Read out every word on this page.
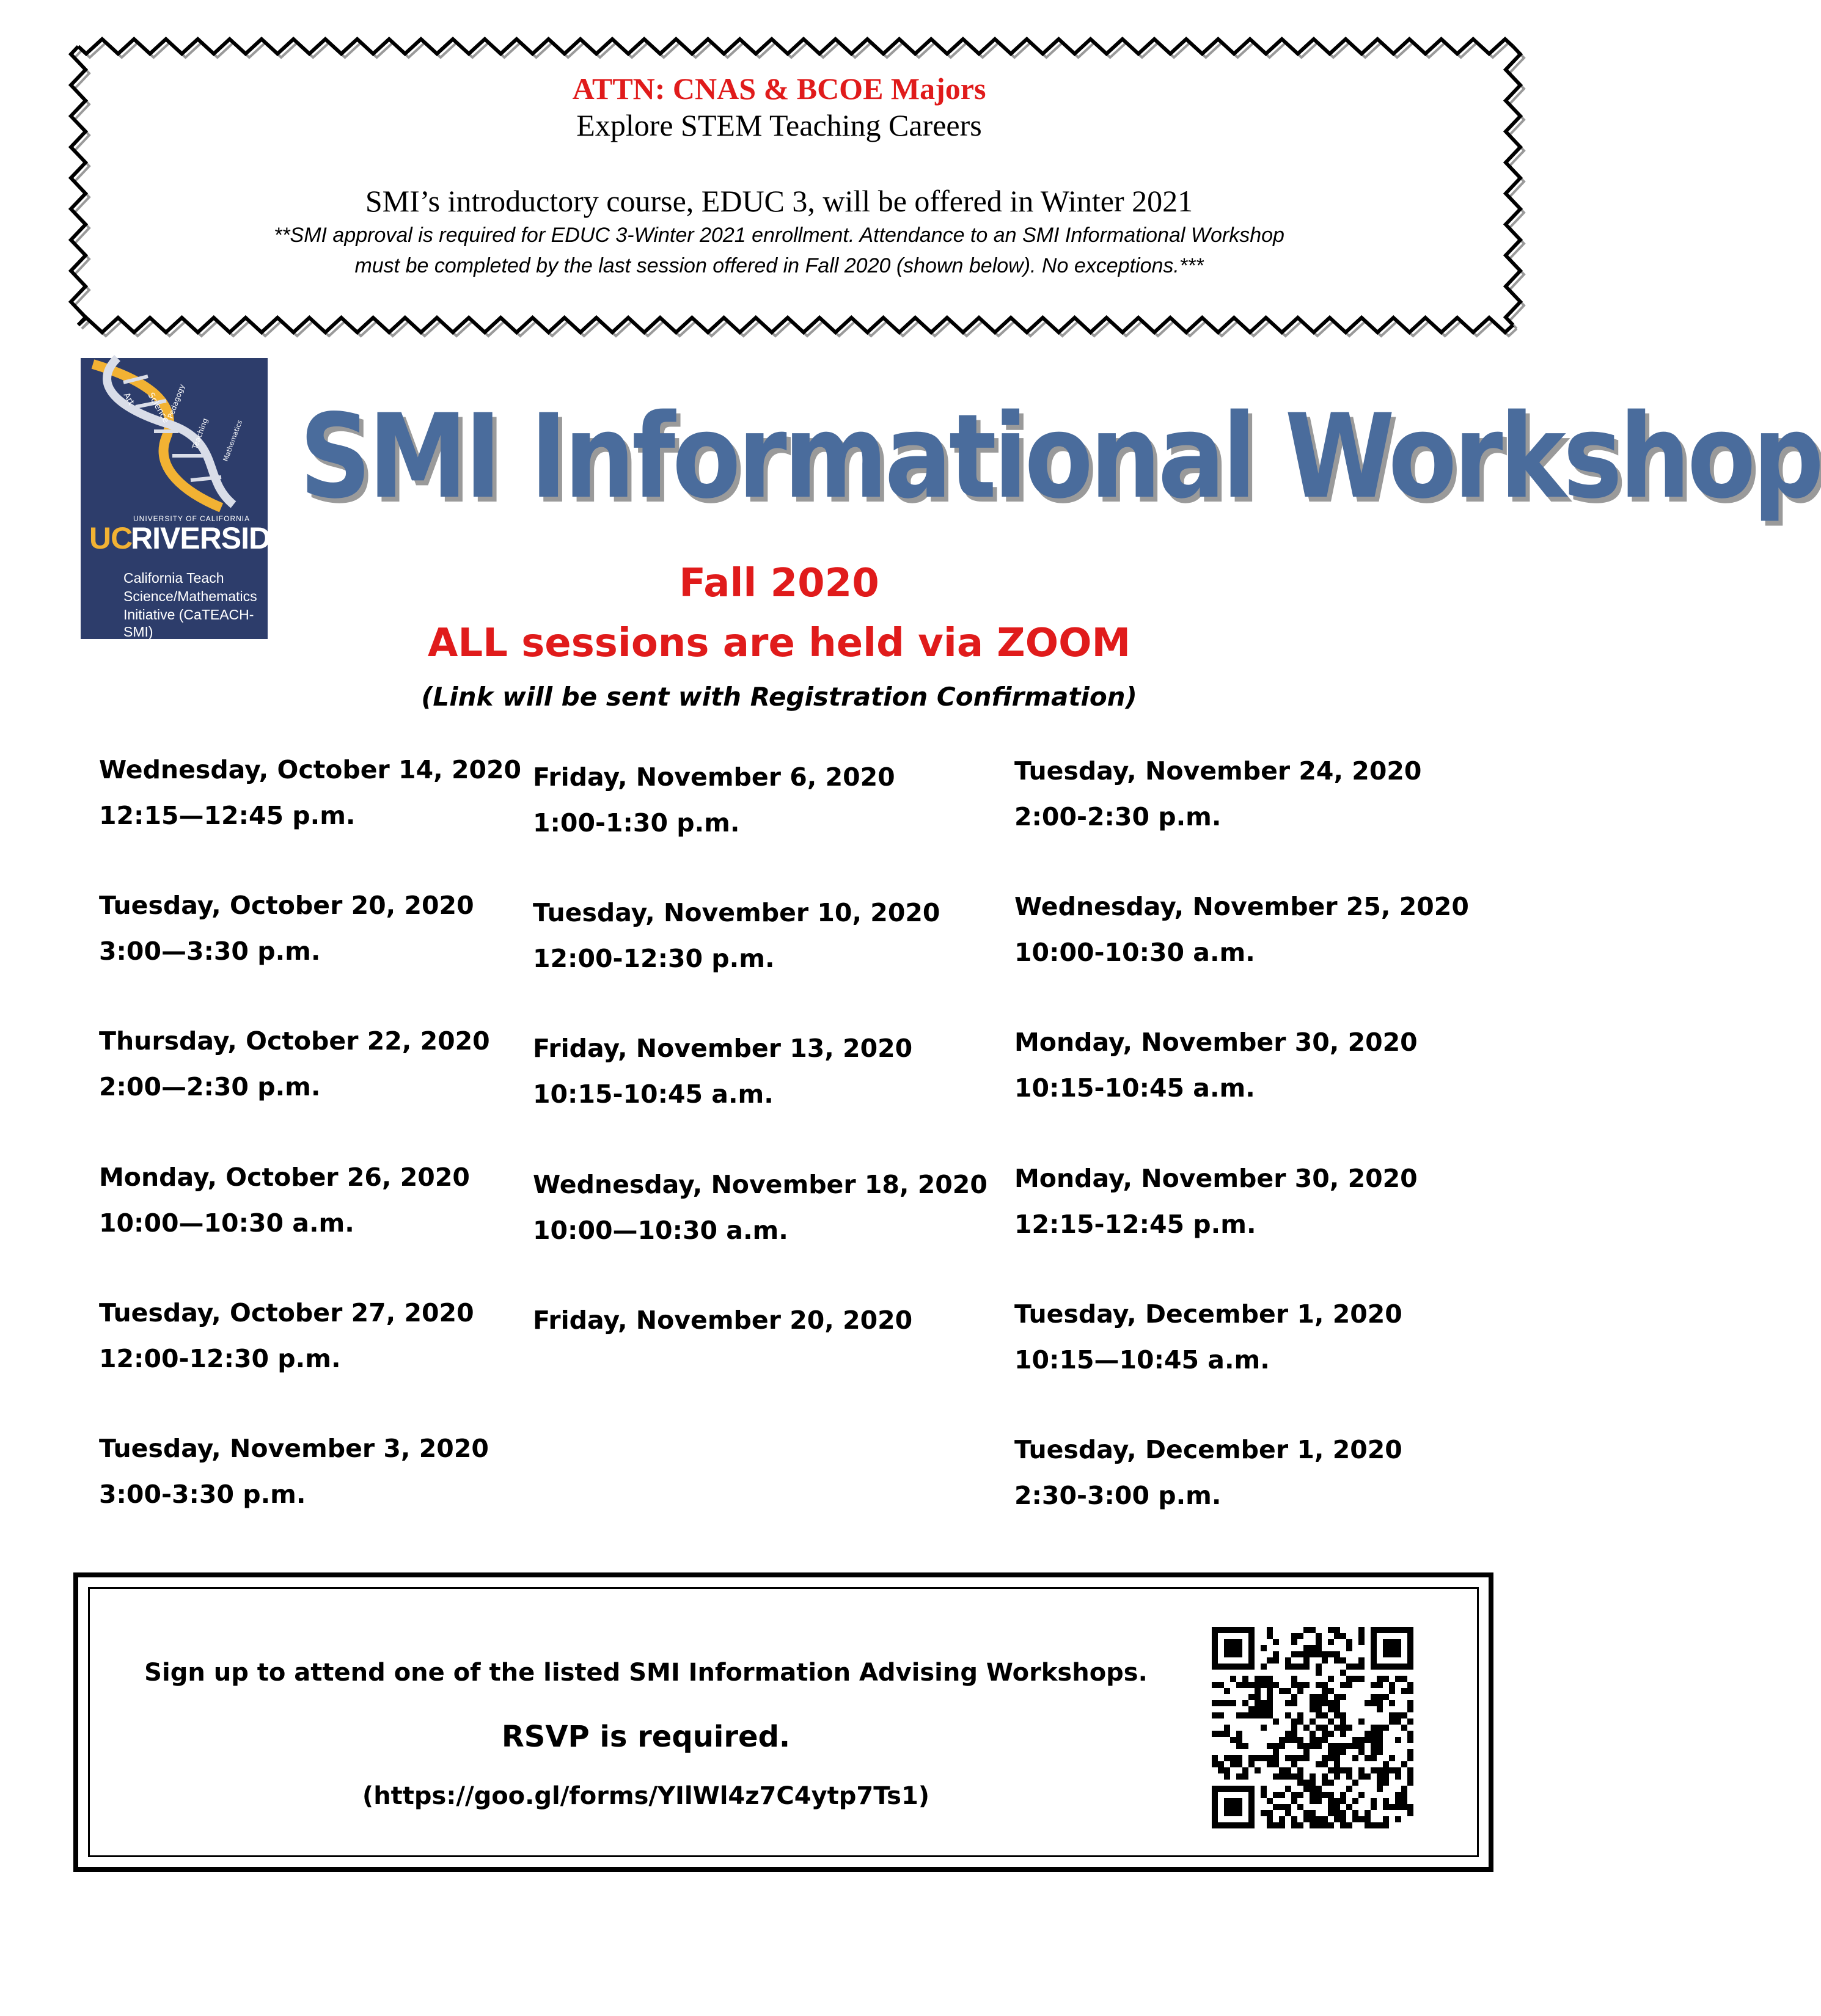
ATTN: CNAS & BCOE Majors
Explore STEM Teaching Careers
SMI’s introductory course, EDUC 3, will be offered in Winter 2021
**SMI approval is required for EDUC 3-Winter 2021 enrollment. Attendance to an SMI Informational Workshop
must be completed by the last session offered in Fall 2020 (shown below). No exceptions.***
Art Science
Pedagogy
Teaching Mathematics
UNIVERSITY OF CALIFORNIA
UC
RIVERSIDE
California Teach
Science/Mathematics
Initiative (CaTEACH-SMI)
SMI Informational Workshop
Fall 2020
ALL sessions are held via ZOOM
(Link will be sent with Registration Confirmation)
Wednesday, October 14, 2020
12:15—12:45 p.m.
Tuesday, October 20, 2020
3:00—3:30 p.m.
Thursday, October 22, 2020
2:00—2:30 p.m.
Monday, October 26, 2020
10:00—10:30 a.m.
Tuesday, October 27, 2020
12:00-12:30 p.m.
Tuesday, November 3, 2020
3:00-3:30 p.m.
Friday, November 6, 2020
1:00-1:30 p.m.
Tuesday, November 10, 2020
12:00-12:30 p.m.
Friday, November 13, 2020
10:15-10:45 a.m.
Wednesday, November 18, 2020
10:00—10:30 a.m.
Friday, November 20, 2020
Tuesday, November 24, 2020
2:00-2:30 p.m.
Wednesday, November 25, 2020
10:00-10:30 a.m.
Monday, November 30, 2020
10:15-10:45 a.m.
Monday, November 30, 2020
12:15-12:45 p.m.
Tuesday, December 1, 2020
10:15—10:45 a.m.
Tuesday, December 1, 2020
2:30-3:00 p.m.
Sign up to attend one of the listed SMI Information Advising Workshops.
RSVP is required.
(https://goo.gl/forms/YIlWl4z7C4ytp7Ts1)
